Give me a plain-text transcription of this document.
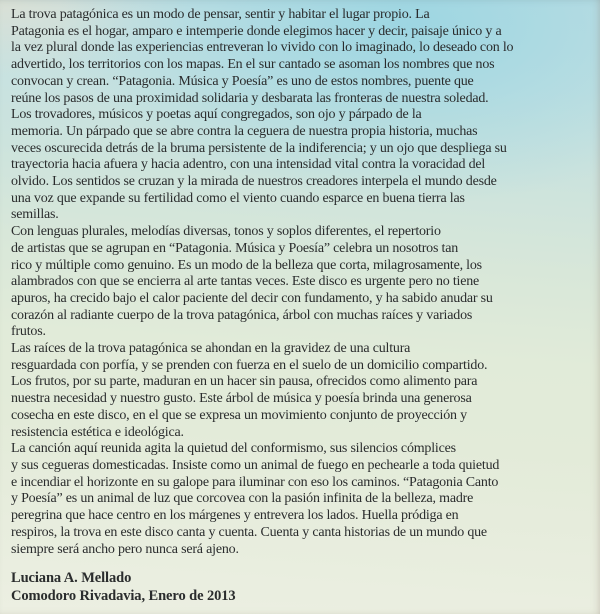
La trova patagónica es un modo de pensar, sentir y habitar el lugar propio. La
Patagonia es el hogar, amparo e intemperie donde elegimos hacer y decir, paisaje único y a
la vez plural donde las experiencias entreveran lo vivido con lo imaginado, lo deseado con lo
advertido, los territorios con los mapas. En el sur cantado se asoman los nombres que nos
convocan y crean. “Patagonia. Música y Poesía” es uno de estos nombres, puente que
reúne los pasos de una proximidad solidaria y desbarata las fronteras de nuestra soledad.
Los trovadores, músicos y poetas aquí congregados, son ojo y párpado de la
memoria. Un párpado que se abre contra la ceguera de nuestra propia historia, muchas
veces oscurecida detrás de la bruma persistente de la indiferencia; y un ojo que despliega su
trayectoria hacia afuera y hacia adentro, con una intensidad vital contra la voracidad del
olvido. Los sentidos se cruzan y la mirada de nuestros creadores interpela el mundo desde
una voz que expande su fertilidad como el viento cuando esparce en buena tierra las
semillas.
Con lenguas plurales, melodías diversas, tonos y soplos diferentes, el repertorio
de artistas que se agrupan en “Patagonia. Música y Poesía” celebra un nosotros tan
rico y múltiple como genuino. Es un modo de la belleza que corta, milagrosamente, los
alambrados con que se encierra al arte tantas veces. Este disco es urgente pero no tiene
apuros, ha crecido bajo el calor paciente del decir con fundamento, y ha sabido anudar su
corazón al radiante cuerpo de la trova patagónica, árbol con muchas raíces y variados
frutos.
Las raíces de la trova patagónica se ahondan en la gravidez de una cultura
resguardada con porfía, y se prenden con fuerza en el suelo de un domicilio compartido.
Los frutos, por su parte, maduran en un hacer sin pausa, ofrecidos como alimento para
nuestra necesidad y nuestro gusto. Este árbol de música y poesía brinda una generosa
cosecha en este disco, en el que se expresa un movimiento conjunto de proyección y
resistencia estética e ideológica.
La canción aquí reunida agita la quietud del conformismo, sus silencios cómplices
y sus cegueras domesticadas. Insiste como un animal de fuego en pechearle a toda quietud
e incendiar el horizonte en su galope para iluminar con eso los caminos. “Patagonia Canto
y Poesía” es un animal de luz que corcovea con la pasión infinita de la belleza, madre
peregrina que hace centro en los márgenes y entrevera los lados. Huella pródiga en
respiros, la trova en este disco canta y cuenta. Cuenta y canta historias de un mundo que
siempre será ancho pero nunca será ajeno.
Luciana A. Mellado
Comodoro Rivadavia, Enero de 2013
